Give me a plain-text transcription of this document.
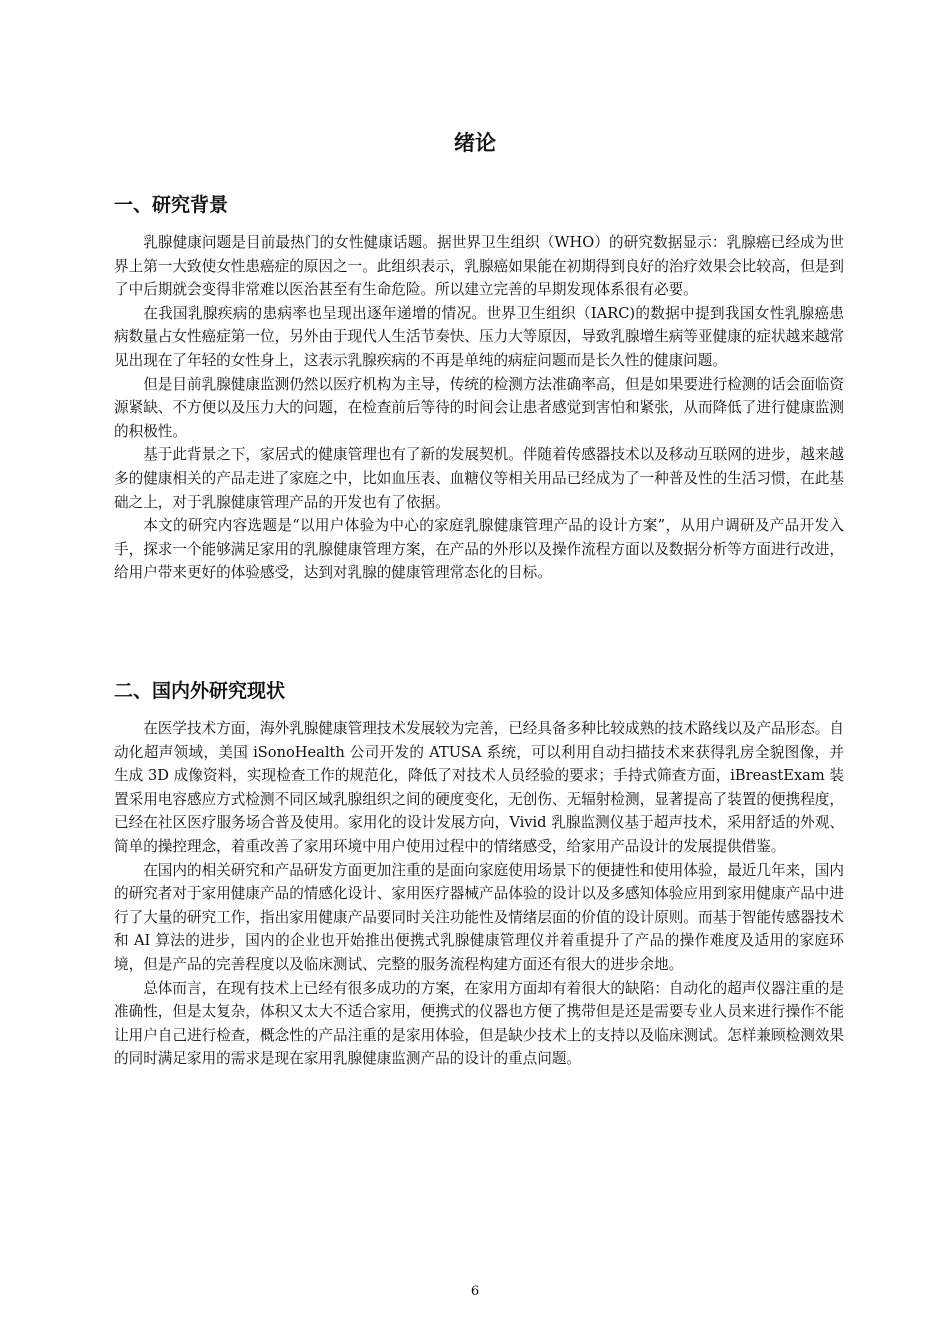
绪论
一、研究背景

乳腺健康问题是目前最热门的女性健康话题。据世界卫生组织（WHO）的研究数据显示：乳腺癌已经成为世界上第一大致使女性患癌症的原因之一。此组织表示，乳腺癌如果能在初期得到良好的治疗效果会比较高，但是到了中后期就会变得非常难以医治甚至有生命危险。所以建立完善的早期发现体系很有必要。

在我国乳腺疾病的患病率也呈现出逐年递增的情况。世界卫生组织（IARC)的数据中提到我国女性乳腺癌患病数量占女性癌症第一位，另外由于现代人生活节奏快、压力大等原因，导致乳腺增生病等亚健康的症状越来越常见出现在了年轻的女性身上，这表示乳腺疾病的不再是单纯的病症问题而是长久性的健康问题。

但是目前乳腺健康监测仍然以医疗机构为主导，传统的检测方法准确率高，但是如果要进行检测的话会面临资源紧缺、不方便以及压力大的问题，在检查前后等待的时间会让患者感觉到害怕和紧张，从而降低了进行健康监测的积极性。

基于此背景之下，家居式的健康管理也有了新的发展契机。伴随着传感器技术以及移动互联网的进步，越来越多的健康相关的产品走进了家庭之中，比如血压表、血糖仪等相关用品已经成为了一种普及性的生活习惯，在此基础之上，对于乳腺健康管理产品的开发也有了依据。

本文的研究内容选题是“以用户体验为中心的家庭乳腺健康管理产品的设计方案”，从用户调研及产品开发入手，探求一个能够满足家用的乳腺健康管理方案，在产品的外形以及操作流程方面以及数据分析等方面进行改进，给用户带来更好的体验感受，达到对乳腺的健康管理常态化的目标。

二、国内外研究现状

在医学技术方面，海外乳腺健康管理技术发展较为完善，已经具备多种比较成熟的技术路线以及产品形态。自动化超声领域，美国 iSonoHealth 公司开发的 ATUSA 系统，可以利用自动扫描技术来获得乳房全貌图像，并生成 3D 成像资料，实现检查工作的规范化，降低了对技术人员经验的要求；手持式筛查方面，iBreastExam 装置采用电容感应方式检测不同区域乳腺组织之间的硬度变化，无创伤、无辐射检测，显著提高了装置的便携程度，已经在社区医疗服务场合普及使用。家用化的设计发展方向，Vivid 乳腺监测仪基于超声技术，采用舒适的外观、简单的操控理念，着重改善了家用环境中用户使用过程中的情绪感受，给家用产品设计的发展提供借鉴。

在国内的相关研究和产品研发方面更加注重的是面向家庭使用场景下的便捷性和使用体验，最近几年来，国内的研究者对于家用健康产品的情感化设计、家用医疗器械产品体验的设计以及多感知体验应用到家用健康产品中进行了大量的研究工作，指出家用健康产品要同时关注功能性及情绪层面的价值的设计原则。而基于智能传感器技术和 AI 算法的进步，国内的企业也开始推出便携式乳腺健康管理仪并着重提升了产品的操作难度及适用的家庭环境，但是产品的完善程度以及临床测试、完整的服务流程构建方面还有很大的进步余地。

总体而言，在现有技术上已经有很多成功的方案，在家用方面却有着很大的缺陷：自动化的超声仪器注重的是准确性，但是太复杂，体积又太大不适合家用，便携式的仪器也方便了携带但是还是需要专业人员来进行操作不能让用户自己进行检查，概念性的产品注重的是家用体验，但是缺少技术上的支持以及临床测试。怎样兼顾检测效果的同时满足家用的需求是现在家用乳腺健康监测产品的设计的重点问题。

6
